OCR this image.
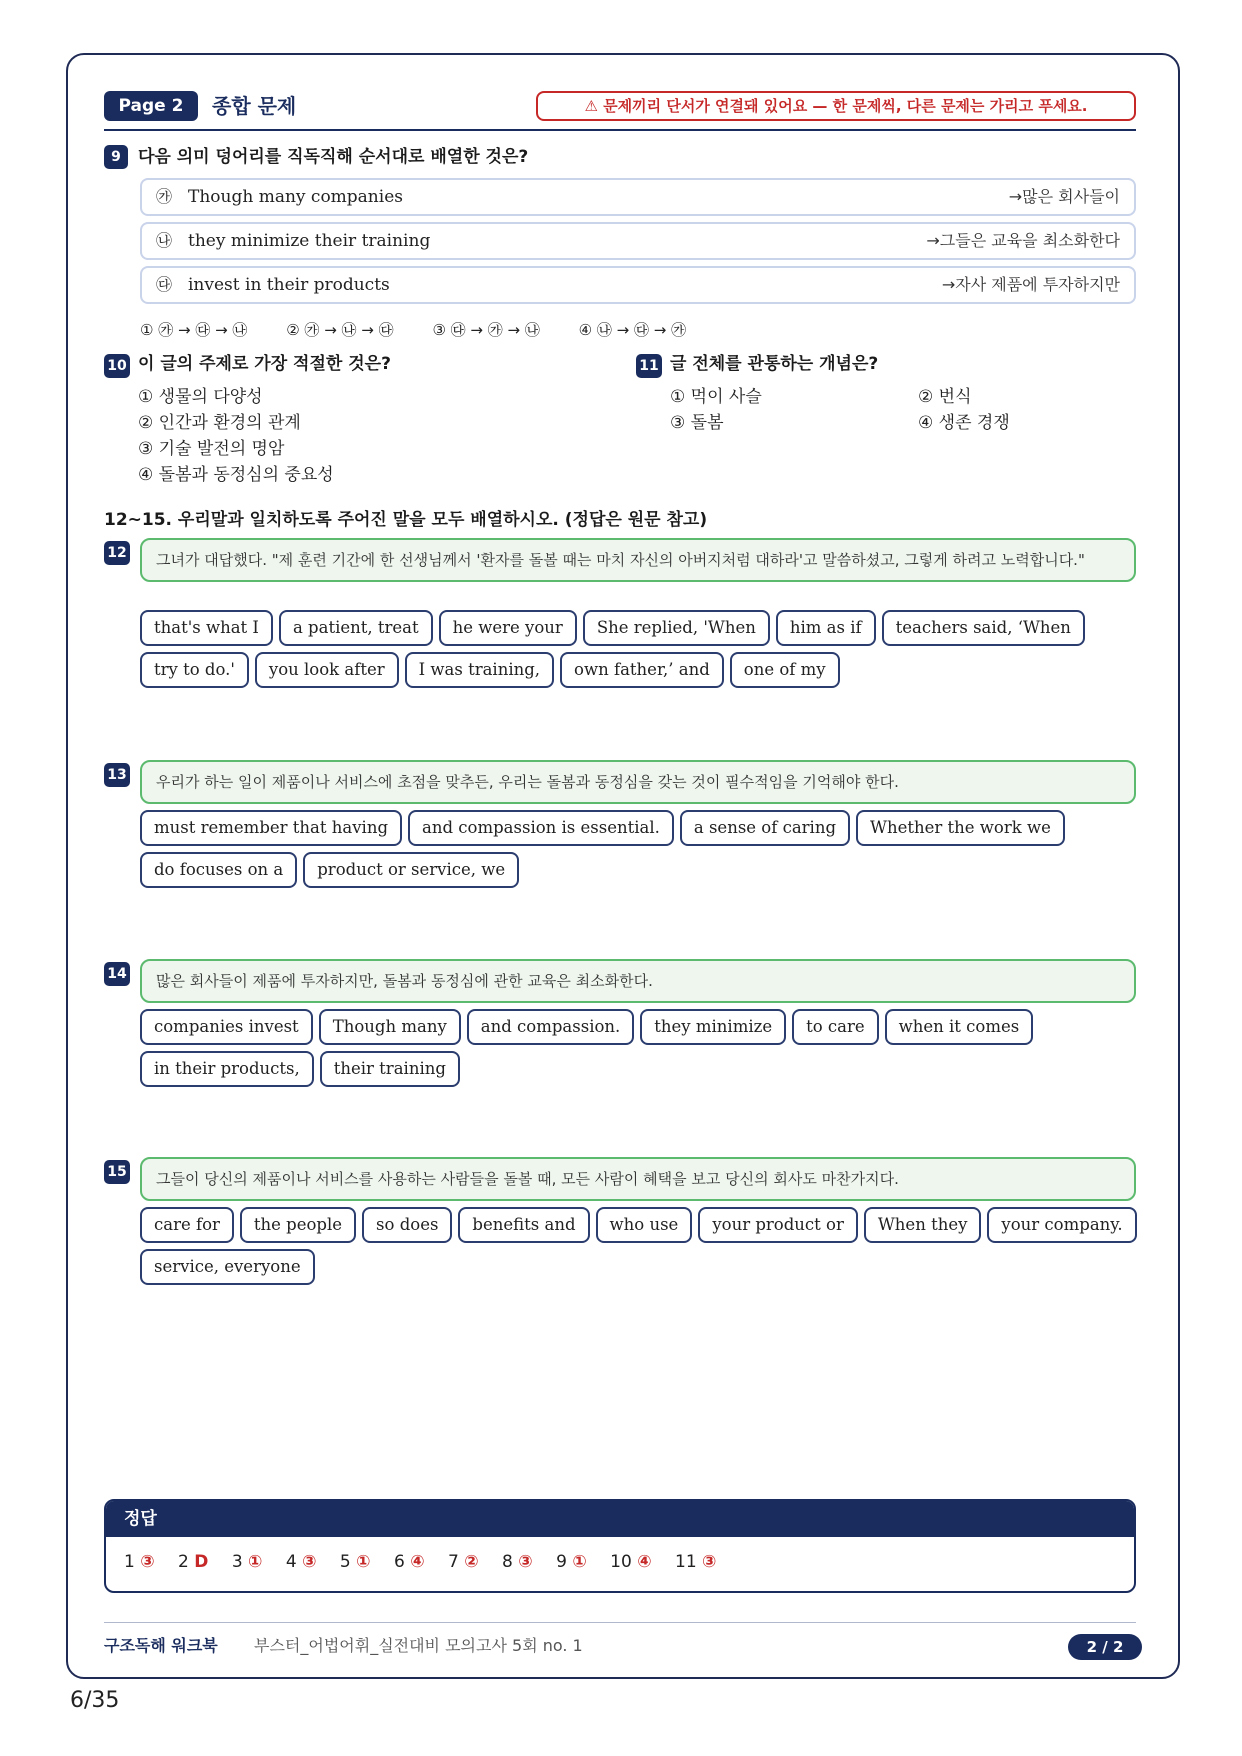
Page 2	종합 문제	⚠ 문제끼리 단서가 연결돼 있어요 — 한 문제씩, 다른 문제는 가리고 푸세요.
9	다음 의미 덩어리를 직독직해 순서대로 배열한 것은?
㉮ Though many companies	→많은 회사들이
㉯ they minimize their training	→그들은 교육을 최소화한다
㉰ invest in their products	→자사 제품에 투자하지만
① ㉮ → ㉰ → ㉯	② ㉮ → ㉯ → ㉰	③ ㉰ → ㉮ → ㉯	④ ㉯ → ㉰ → ㉮
10 이 글의 주제로 가장 적절한 것은?
① 생물의 다양성
② 인간과 환경의 관계
③ 기술 발전의 명암
④ 돌봄과 동정심의 중요성
11 글 전체를 관통하는 개념은?
① 먹이 사슬	② 번식
③ 돌봄	④ 생존 경쟁
12~15. 우리말과 일치하도록 주어진 말을 모두 배열하시오. (정답은 원문 참고)
12	그녀가 대답했다. "제 훈련 기간에 한 선생님께서 '환자를 돌볼 때는 마치 자신의 아버지처럼 대하라'고 말씀하셨고, 그렇게 하려고 노력합니다."
that's what I	a patient, treat	he were your	She replied, 'When	him as if	teachers said, ‘When
try to do.'	you look after	I was training,	own father,’ and	one of my
13	우리가 하는 일이 제품이나 서비스에 초점을 맞추든, 우리는 돌봄과 동정심을 갖는 것이 필수적임을 기억해야 한다.
must remember that having	and compassion is essential.	a sense of caring	Whether the work we
do focuses on a	product or service, we
14	많은 회사들이 제품에 투자하지만, 돌봄과 동정심에 관한 교육은 최소화한다.
companies invest	Though many	and compassion.	they minimize	to care	when it comes
in their products,	their training
15	그들이 당신의 제품이나 서비스를 사용하는 사람들을 돌볼 때, 모든 사람이 혜택을 보고 당신의 회사도 마찬가지다.
care for	the people	so does	benefits and	who use	your product or	When they	your company.
service, everyone
정답
1 ③ 2 D 3 ① 4 ③ 5 ① 6 ④ 7 ② 8 ③ 9 ① 10 ④ 11 ③
구조독해 워크북 부스터_어법어휘_실전대비 모의고사 5회 no. 1	2 / 2
6/35
